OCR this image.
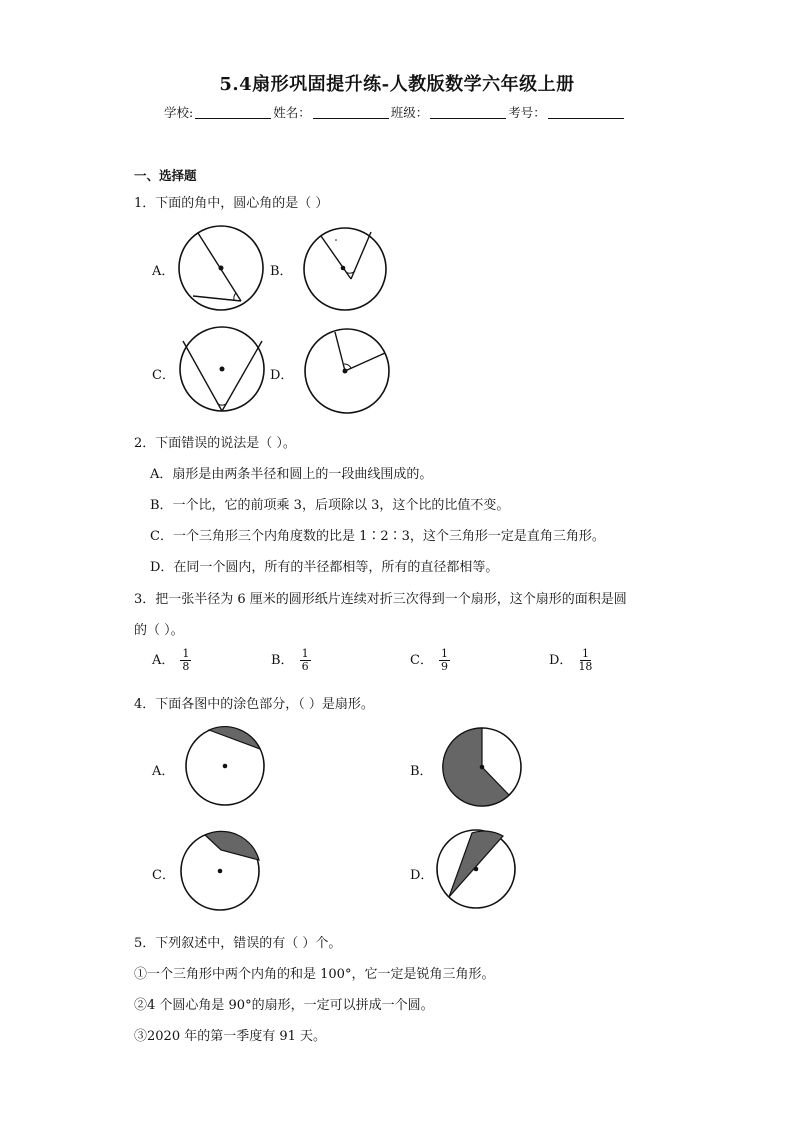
5.4扇形巩固提升练-人教版数学六年级上册
学校:	姓名：	班级：	考号：
一、选择题
1．下面的角中，圆心角的是（ ）
A．	B．
C．	D．
2．下面错误的说法是（ ）。
A．扇形是由两条半径和圆上的一段曲线围成的。
B．一个比，它的前项乘 3，后项除以 3，这个比的比值不变。
C．一个三角形三个内角度数的比是 1∶2∶3，这个三角形一定是直角三角形。
D．在同一个圆内，所有的半径都相等，所有的直径都相等。
3．把一张半径为 6 厘米的圆形纸片连续对折三次得到一个扇形，这个扇形的面积是圆
的（ ）。
A． $\frac{1}{8}$	B． $\frac{1}{6}$	C． $\frac{1}{9}$	D． $\frac{1}{18}$
4．下面各图中的涂色部分，（ ）是扇形。
A．	B．
C．	D．
5．下列叙述中，错误的有（ ）个。
①一个三角形中两个内角的和是 100°，它一定是锐角三角形。
②4 个圆心角是 90°的扇形，一定可以拼成一个圆。
③2020 年的第一季度有 91 天。
